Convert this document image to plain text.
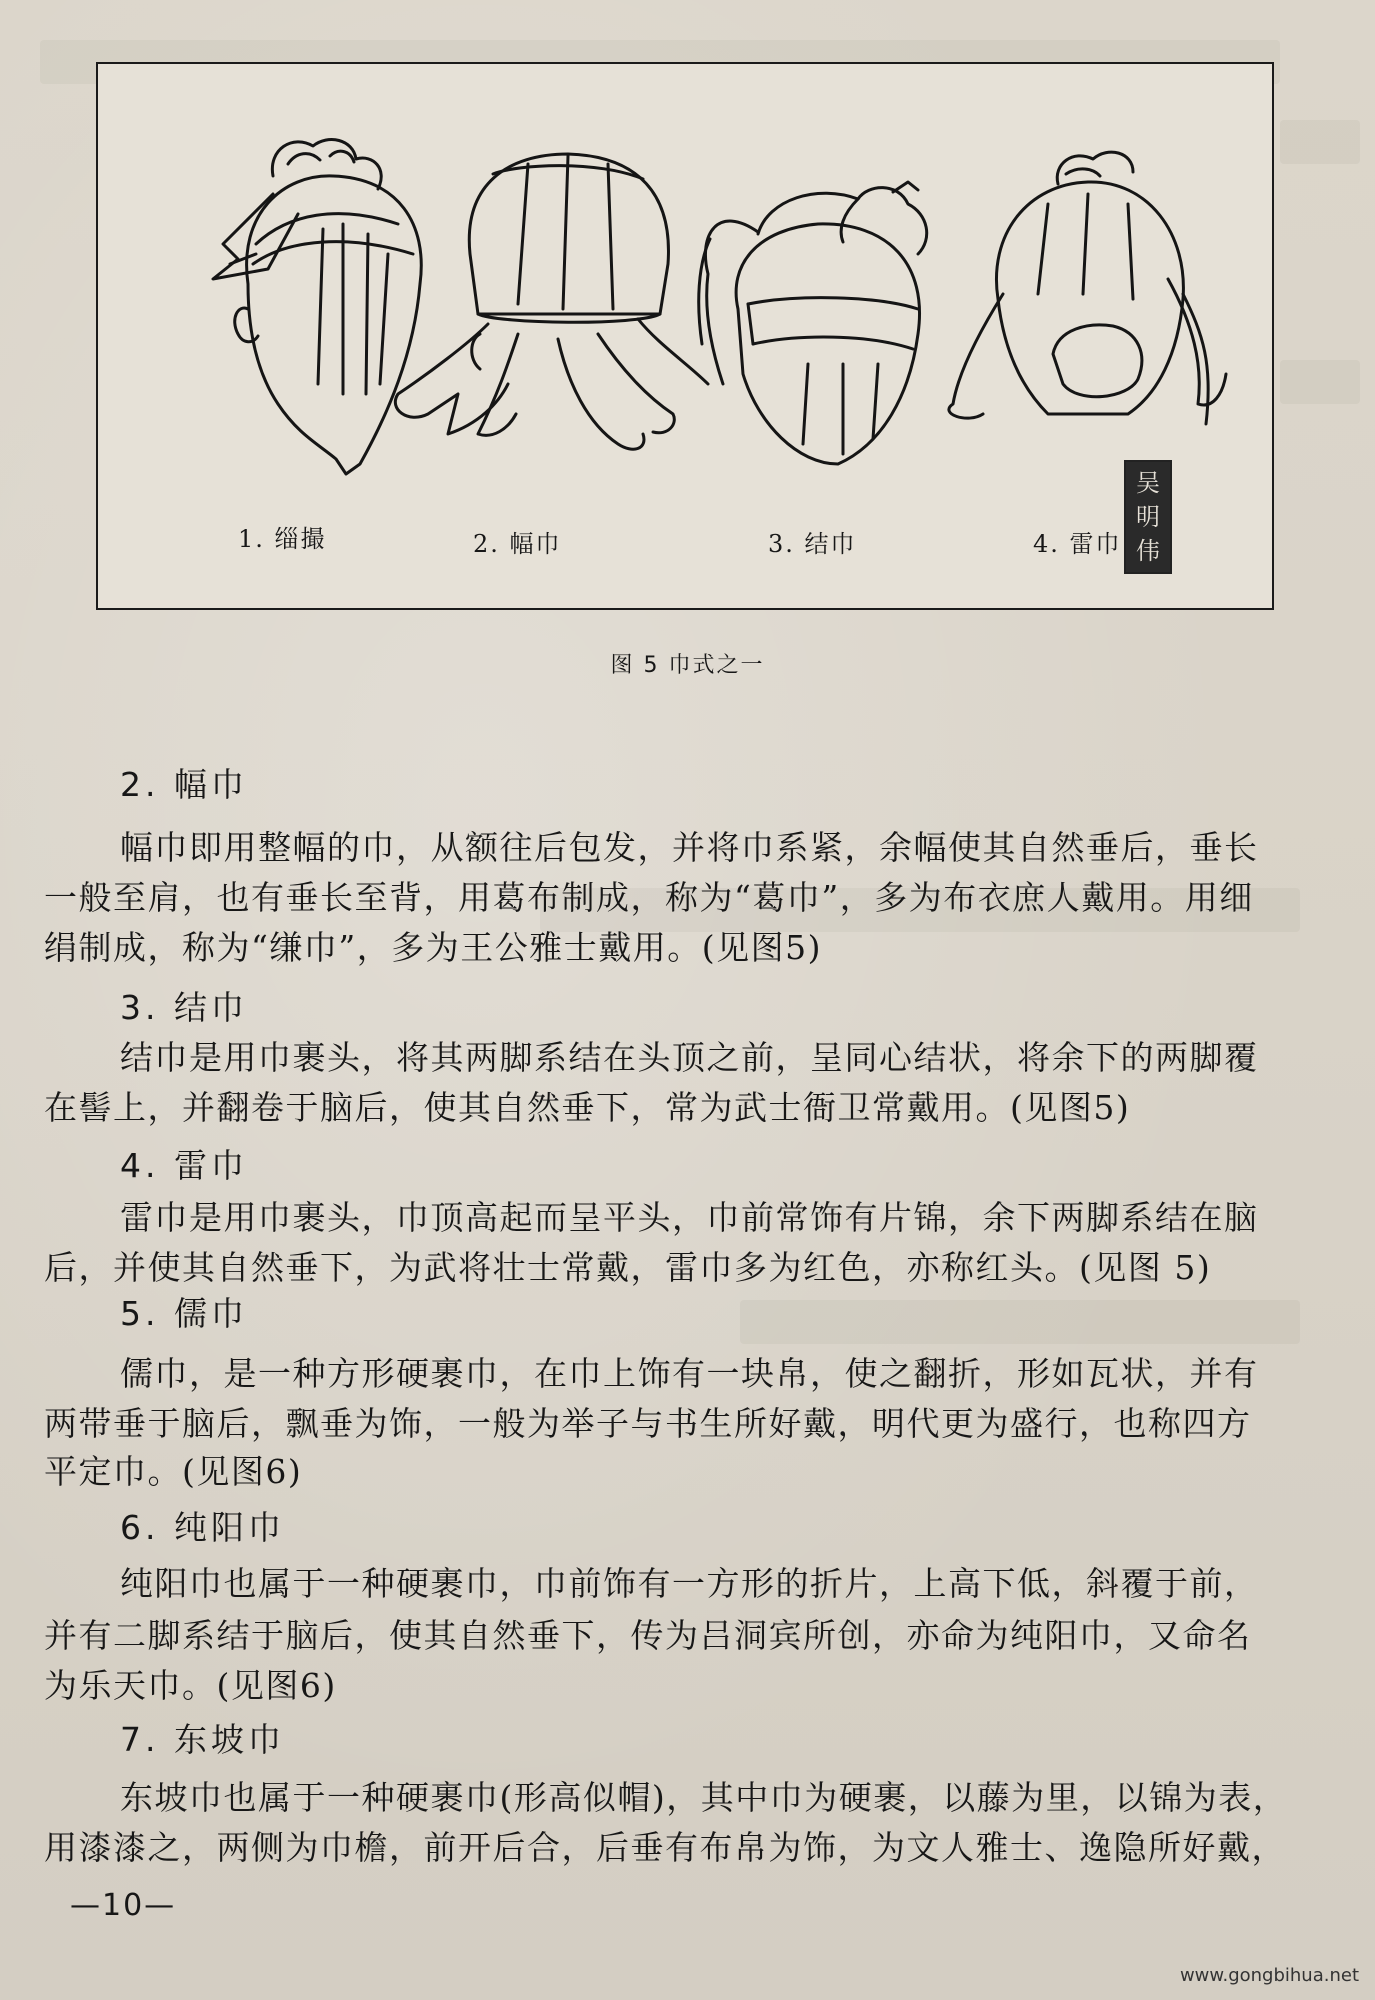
1. 缁撮	2. 幅巾	3. 结巾	4. 雷巾
吴
明
伟
图 5 巾式之一
2. 幅巾
幅巾即用整幅的巾，从额往后包发，并将巾系紧，余幅使其自然垂后，垂长
一般至肩，也有垂长至背，用葛布制成，称为“葛巾”，多为布衣庶人戴用。用细
绢制成，称为“缣巾”，多为王公雅士戴用。(见图5)
3. 结巾
结巾是用巾裹头，将其两脚系结在头顶之前，呈同心结状，将余下的两脚覆
在髻上，并翻卷于脑后，使其自然垂下，常为武士衙卫常戴用。(见图5)
4. 雷巾
雷巾是用巾裹头，巾顶高起而呈平头，巾前常饰有片锦，余下两脚系结在脑
后，并使其自然垂下，为武将壮士常戴，雷巾多为红色，亦称红头。(见图 5)
5. 儒巾
儒巾，是一种方形硬裹巾，在巾上饰有一块帛，使之翻折，形如瓦状，并有
两带垂于脑后，飘垂为饰，一般为举子与书生所好戴，明代更为盛行，也称四方
平定巾。(见图6)
6. 纯阳巾
纯阳巾也属于一种硬裹巾，巾前饰有一方形的折片，上高下低，斜覆于前，
并有二脚系结于脑后，使其自然垂下，传为吕洞宾所创，亦命为纯阳巾，又命名
为乐天巾。(见图6)
7. 东坡巾
东坡巾也属于一种硬裹巾(形高似帽)，其中巾为硬裹，以藤为里，以锦为表，
用漆漆之，两侧为巾檐，前开后合，后垂有布帛为饰，为文人雅士、逸隐所好戴，
—10—
www.gongbihua.net
